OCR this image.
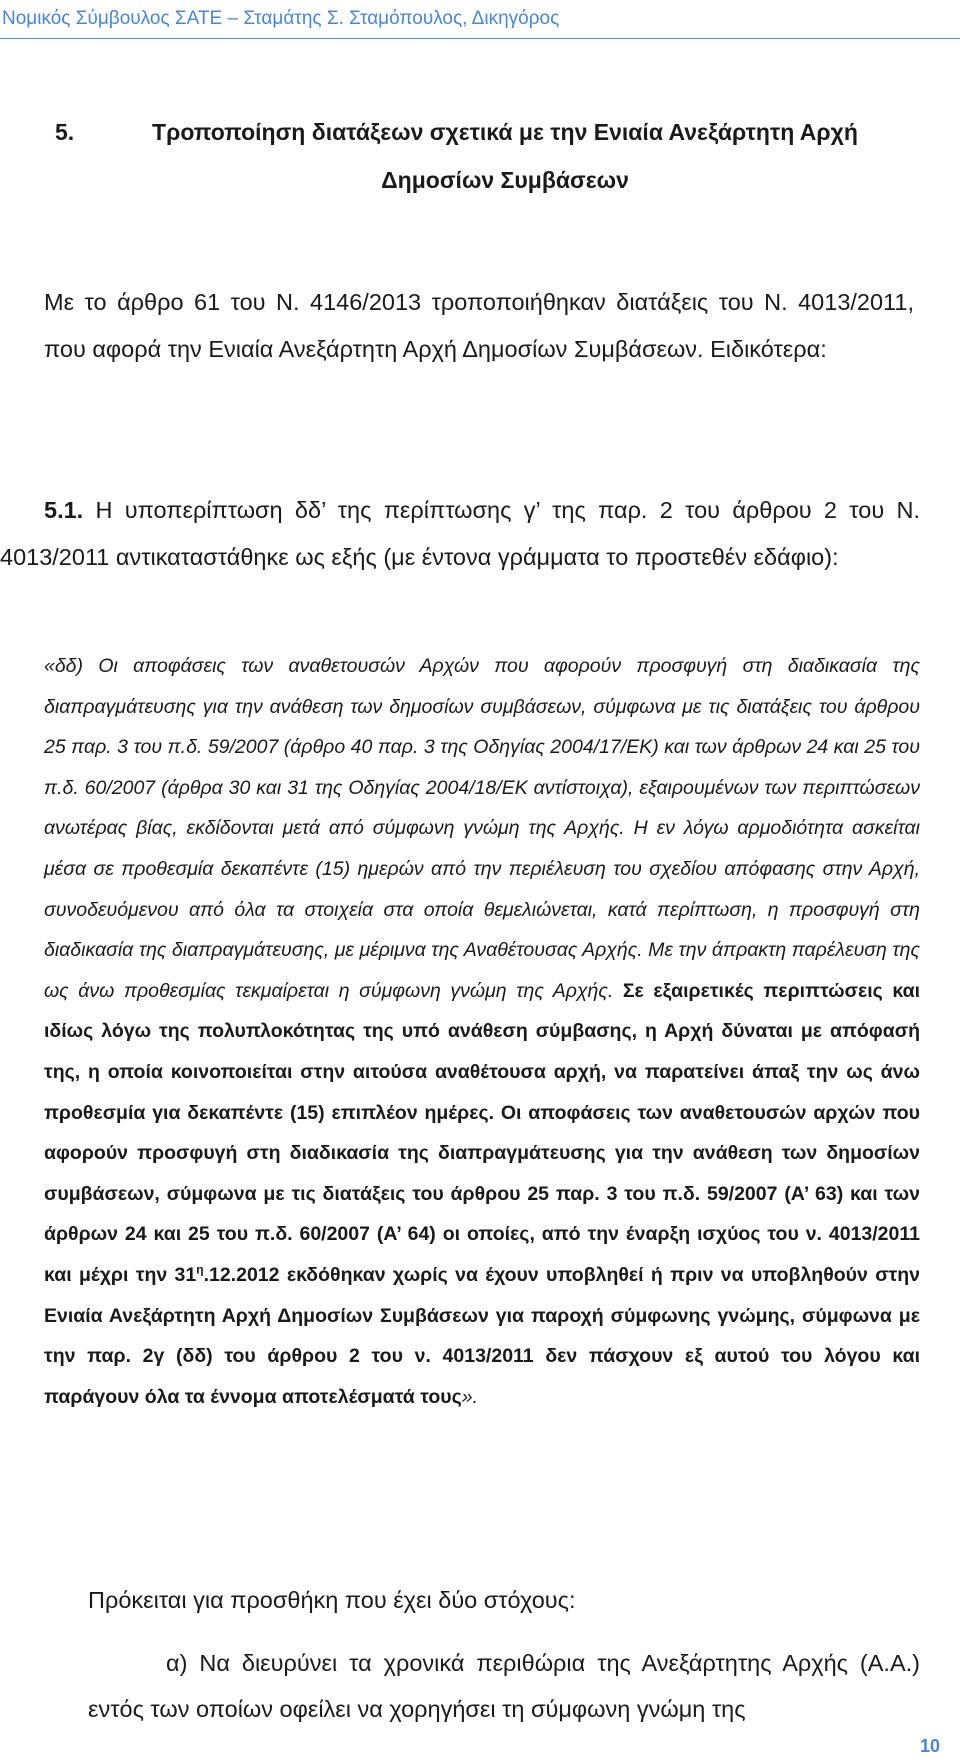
Νομικός Σύμβουλος ΣΑΤΕ – Σταμάτης Σ. Σταμόπουλος, Δικηγόρος
5.	Τροποποίηση διατάξεων σχετικά με την Ενιαία Ανεξάρτητη Αρχή
Δημοσίων Συμβάσεων

Με το άρθρο 61 του Ν. 4146/2013 τροποποιήθηκαν διατάξεις του Ν. 4013/2011, που αφορά την Ενιαία Ανεξάρτητη Αρχή Δημοσίων Συμβάσεων. Ειδικότερα:

5.1. Η υποπερίπτωση δδ’ της περίπτωσης γ’ της παρ. 2 του άρθρου 2 του Ν. 4013/2011 αντικαταστάθηκε ως εξής (με έντονα γράμματα το προστεθέν εδάφιο):

«δδ) Οι αποφάσεις των αναθετουσών Αρχών που αφορούν προσφυγή στη διαδικασία της διαπραγμάτευσης για την ανάθεση των δημοσίων συμβάσεων, σύμφωνα με τις διατάξεις του άρθρου 25 παρ. 3 του π.δ. 59/2007 (άρθρο 40 παρ. 3 της Οδηγίας 2004/17/ΕΚ) και των άρθρων 24 και 25 του π.δ. 60/2007 (άρθρα 30 και 31 της Οδηγίας 2004/18/ΕΚ αντίστοιχα), εξαιρουμένων των περιπτώσεων ανωτέρας βίας, εκδίδονται μετά από σύμφωνη γνώμη της Αρχής. Η εν λόγω αρμοδιότητα ασκείται μέσα σε προθεσμία δεκαπέντε (15) ημερών από την περιέλευση του σχεδίου απόφασης στην Αρχή, συνοδευόμενου από όλα τα στοιχεία στα οποία θεμελιώνεται, κατά περίπτωση, η προσφυγή στη διαδικασία της διαπραγμάτευσης, με μέριμνα της Αναθέτουσας Αρχής. Με την άπρακτη παρέλευση της ως άνω προθεσμίας τεκμαίρεται η σύμφωνη γνώμη της Αρχής. Σε εξαιρετικές περιπτώσεις και ιδίως λόγω της πολυπλοκότητας της υπό ανάθεση σύμβασης, η Αρχή δύναται με απόφασή της, η οποία κοινοποιείται στην αιτούσα αναθέτουσα αρχή, να παρατείνει άπαξ την ως άνω προθεσμία για δεκαπέντε (15) επιπλέον ημέρες. Οι αποφάσεις των αναθετουσών αρχών που αφορούν προσφυγή στη διαδικασία της διαπραγμάτευσης για την ανάθεση των δημοσίων συμβάσεων, σύμφωνα με τις διατάξεις του άρθρου 25 παρ. 3 του π.δ. 59/2007 (Α’ 63) και των άρθρων 24 και 25 του π.δ. 60/2007 (Α’ 64) οι οποίες, από την έναρξη ισχύος του ν. 4013/2011 και μέχρι την $31^\eta.12.2012$ εκδόθηκαν χωρίς να έχουν υποβληθεί ή πριν να υποβληθούν στην Ενιαία Ανεξάρτητη Αρχή Δημοσίων Συμβάσεων για παροχή σύμφωνης γνώμης, σύμφωνα με την παρ. 2γ (δδ) του άρθρου 2 του ν. 4013/2011 δεν πάσχουν εξ αυτού του λόγου και παράγουν όλα τα έννομα αποτελέσματά τους».

Πρόκειται για προσθήκη που έχει δύο στόχους:

α) Να διευρύνει τα χρονικά περιθώρια της Ανεξάρτητης Αρχής (Α.Α.) εντός των οποίων οφείλει να χορηγήσει τη σύμφωνη γνώμη της

10
